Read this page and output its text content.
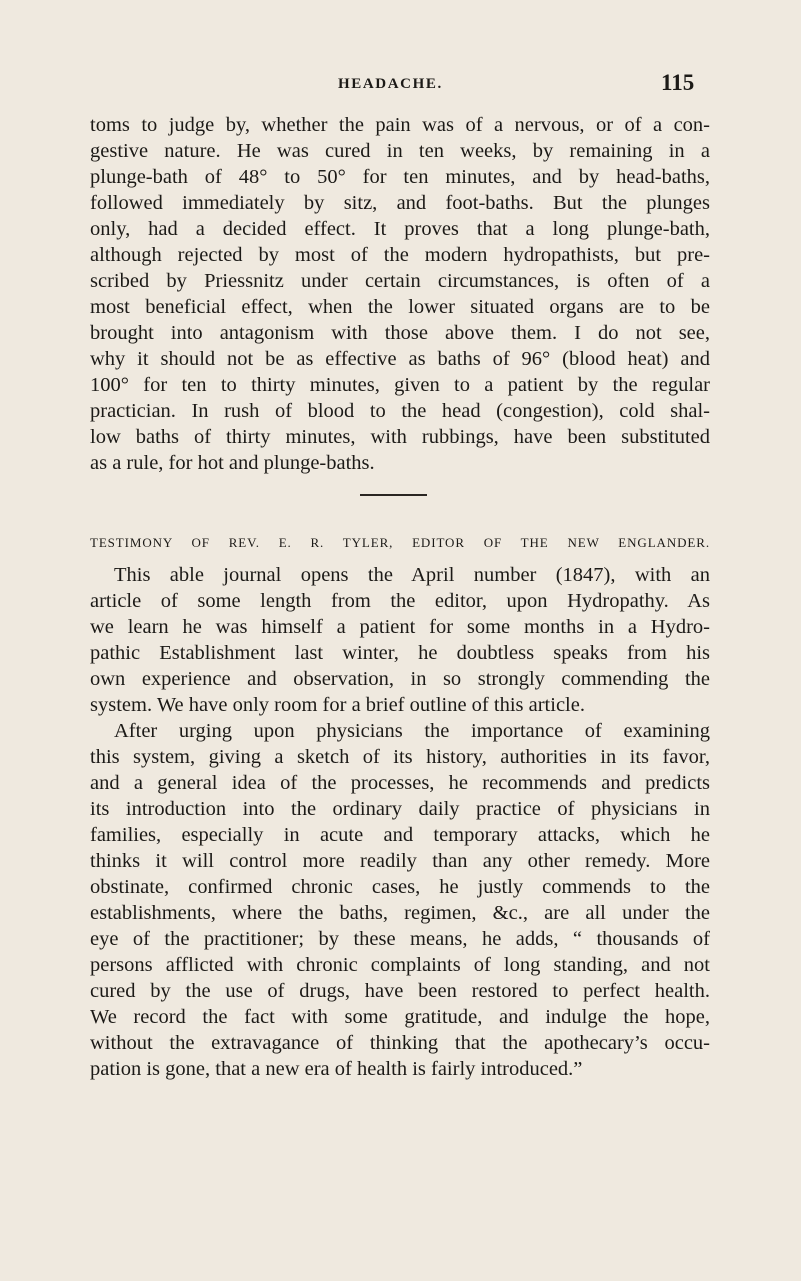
HEADACHE.	115
toms to judge by, whether the pain was of a nervous, or of a con-
gestive nature. He was cured in ten weeks, by remaining in a
plunge-bath of 48° to 50° for ten minutes, and by head-baths,
followed immediately by sitz, and foot-baths. But the plunges
only, had a decided effect. It proves that a long plunge-bath,
although rejected by most of the modern hydropathists, but pre-
scribed by Priessnitz under certain circumstances, is often of a
most beneficial effect, when the lower situated organs are to be
brought into antagonism with those above them. I do not see,
why it should not be as effective as baths of 96° (blood heat) and
100° for ten to thirty minutes, given to a patient by the regular
practician. In rush of blood to the head (congestion), cold shal-
low baths of thirty minutes, with rubbings, have been substituted
as a rule, for hot and plunge-baths.
TESTIMONY OF REV. E. R. TYLER, EDITOR OF THE NEW ENGLANDER.
This able journal opens the April number (1847), with an
article of some length from the editor, upon Hydropathy. As
we learn he was himself a patient for some months in a Hydro-
pathic Establishment last winter, he doubtless speaks from his
own experience and observation, in so strongly commending the
system. We have only room for a brief outline of this article.
After urging upon physicians the importance of examining
this system, giving a sketch of its history, authorities in its favor,
and a general idea of the processes, he recommends and predicts
its introduction into the ordinary daily practice of physicians in
families, especially in acute and temporary attacks, which he
thinks it will control more readily than any other remedy. More
obstinate, confirmed chronic cases, he justly commends to the
establishments, where the baths, regimen, &c., are all under the
eye of the practitioner; by these means, he adds, “ thousands of
persons afflicted with chronic complaints of long standing, and not
cured by the use of drugs, have been restored to perfect health.
We record the fact with some gratitude, and indulge the hope,
without the extravagance of thinking that the apothecary’s occu-
pation is gone, that a new era of health is fairly introduced.”
